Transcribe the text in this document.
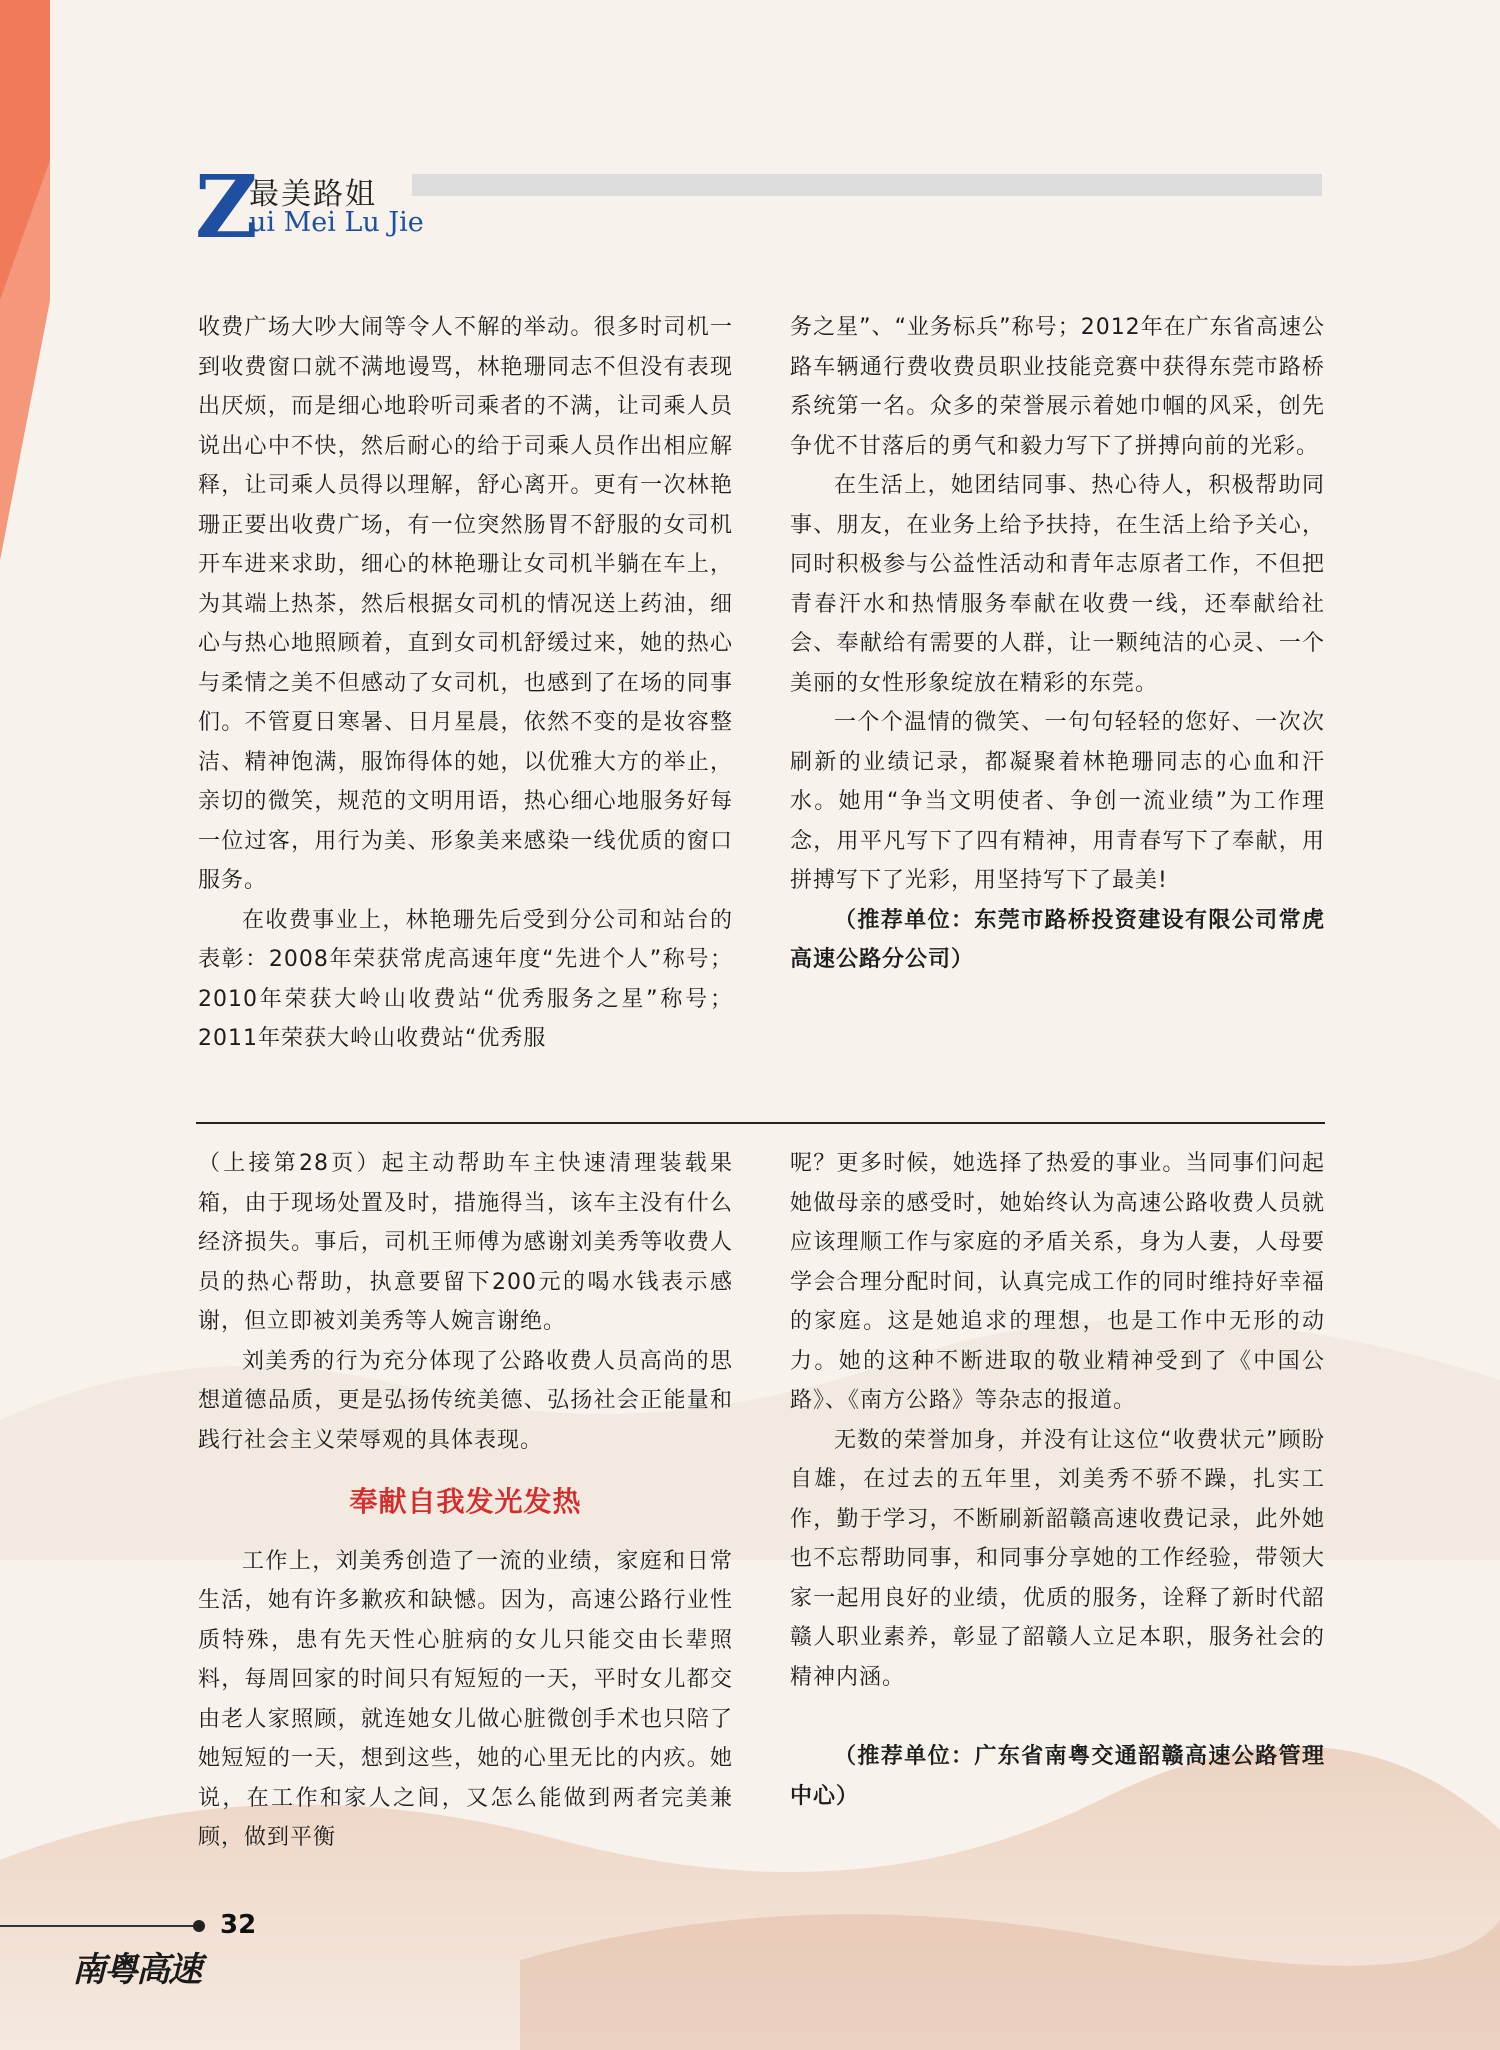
Z
最美路姐
ui Mei Lu Jie

收费广场大吵大闹等令人不解的举动。很多时司机一到收费窗口就不满地谩骂，林艳珊同志不但没有表现出厌烦，而是细心地聆听司乘者的不满，让司乘人员说出心中不快，然后耐心的给于司乘人员作出相应解释，让司乘人员得以理解，舒心离开。更有一次林艳珊正要出收费广场，有一位突然肠胃不舒服的女司机开车进来求助，细心的林艳珊让女司机半躺在车上，为其端上热茶，然后根据女司机的情况送上药油，细心与热心地照顾着，直到女司机舒缓过来，她的热心与柔情之美不但感动了女司机，也感到了在场的同事们。不管夏日寒暑、日月星晨，依然不变的是妆容整洁、精神饱满，服饰得体的她，以优雅大方的举止，亲切的微笑，规范的文明用语，热心细心地服务好每一位过客，用行为美、形象美来感染一线优质的窗口服务。

在收费事业上，林艳珊先后受到分公司和站台的表彰：2008年荣获常虎高速年度“先进个人”称号；2010年荣获大岭山收费站“优秀服务之星”称号；2011年荣获大岭山收费站“优秀服

务之星”、“业务标兵”称号；2012年在广东省高速公路车辆通行费收费员职业技能竞赛中获得东莞市路桥系统第一名。众多的荣誉展示着她巾帼的风采，创先争优不甘落后的勇气和毅力写下了拼搏向前的光彩。

在生活上，她团结同事、热心待人，积极帮助同事、朋友，在业务上给予扶持，在生活上给予关心，同时积极参与公益性活动和青年志原者工作，不但把青春汗水和热情服务奉献在收费一线，还奉献给社会、奉献给有需要的人群，让一颗纯洁的心灵、一个美丽的女性形象绽放在精彩的东莞。

一个个温情的微笑、一句句轻轻的您好、一次次刷新的业绩记录，都凝聚着林艳珊同志的心血和汗水。她用“争当文明使者、争创一流业绩”为工作理念，用平凡写下了四有精神，用青春写下了奉献，用拼搏写下了光彩，用坚持写下了最美!

（推荐单位：东莞市路桥投资建设有限公司常虎高速公路分公司）

（上接第28页）起主动帮助车主快速清理装载果箱，由于现场处置及时，措施得当，该车主没有什么经济损失。事后，司机王师傅为感谢刘美秀等收费人员的热心帮助，执意要留下200元的喝水钱表示感谢，但立即被刘美秀等人婉言谢绝。

刘美秀的行为充分体现了公路收费人员高尚的思想道德品质，更是弘扬传统美德、弘扬社会正能量和践行社会主义荣辱观的具体表现。

奉献自我发光发热

工作上，刘美秀创造了一流的业绩，家庭和日常生活，她有许多歉疚和缺憾。因为，高速公路行业性质特殊，患有先天性心脏病的女儿只能交由长辈照料，每周回家的时间只有短短的一天，平时女儿都交由老人家照顾，就连她女儿做心脏微创手术也只陪了她短短的一天，想到这些，她的心里无比的内疚。她说，在工作和家人之间，又怎么能做到两者完美兼顾，做到平衡

呢？更多时候，她选择了热爱的事业。当同事们问起她做母亲的感受时，她始终认为高速公路收费人员就应该理顺工作与家庭的矛盾关系，身为人妻，人母要学会合理分配时间，认真完成工作的同时维持好幸福的家庭。这是她追求的理想，也是工作中无形的动力。她的这种不断进取的敬业精神受到了《中国公路》、《南方公路》等杂志的报道。

无数的荣誉加身，并没有让这位“收费状元”顾盼自雄，在过去的五年里，刘美秀不骄不躁，扎实工作，勤于学习，不断刷新韶赣高速收费记录，此外她也不忘帮助同事，和同事分享她的工作经验，带领大家一起用良好的业绩，优质的服务，诠释了新时代韶赣人职业素养，彰显了韶赣人立足本职，服务社会的精神内涵。

（推荐单位：广东省南粤交通韶赣高速公路管理中心）

32
南粤高速
